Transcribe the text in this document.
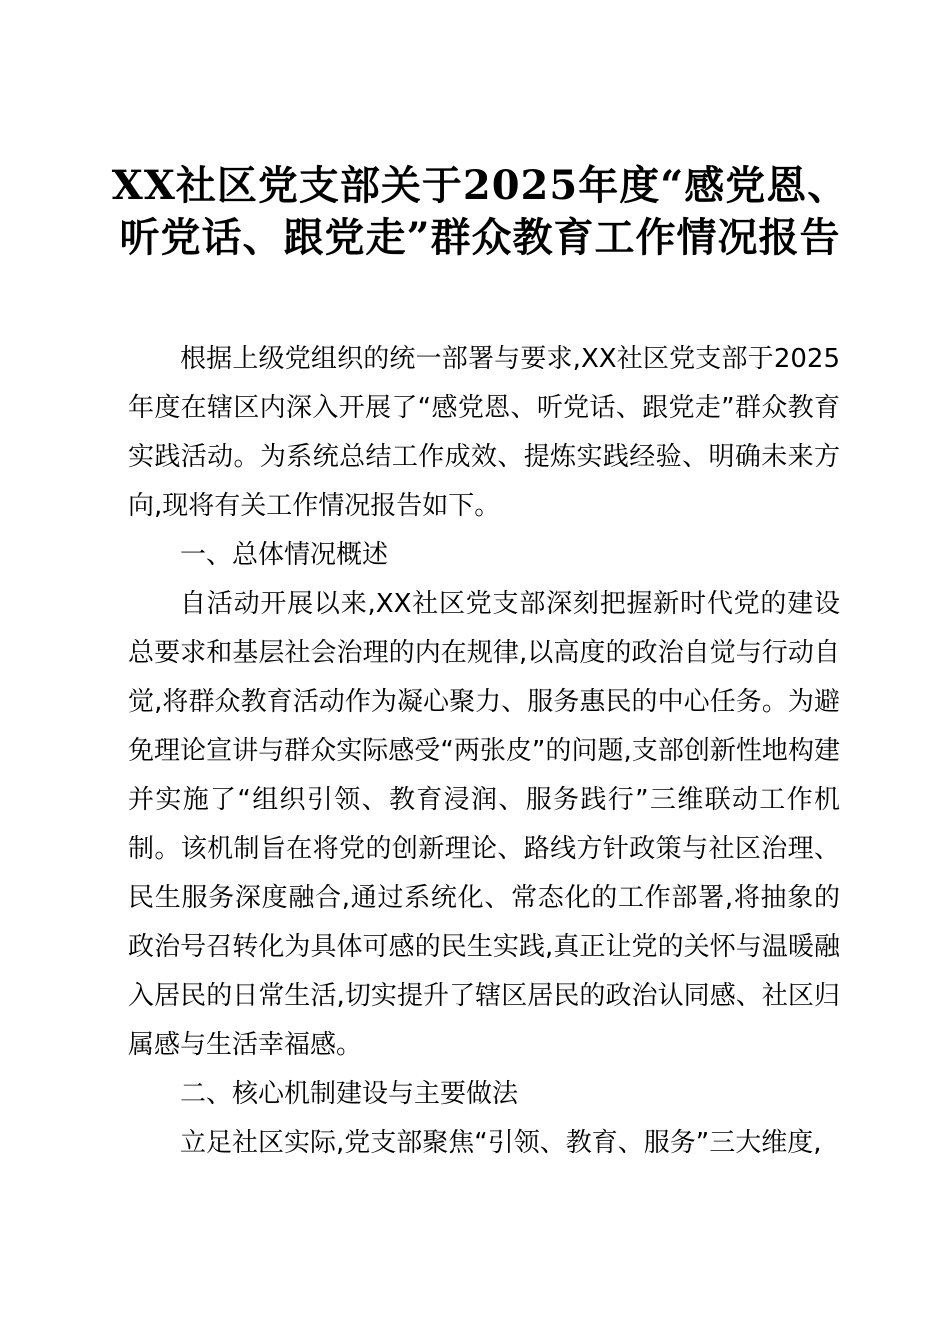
XX社区党支部关于2025年度“感党恩、听党话、跟党走”群众教育工作情况报告

根据上级党组织的统一部署与要求,XX社区党支部于2025年度在辖区内深入开展了“感党恩、听党话、跟党走”群众教育实践活动。为系统总结工作成效、提炼实践经验、明确未来方向,现将有关工作情况报告如下。

一、总体情况概述

自活动开展以来,XX社区党支部深刻把握新时代党的建设总要求和基层社会治理的内在规律,以高度的政治自觉与行动自觉,将群众教育活动作为凝心聚力、服务惠民的中心任务。为避免理论宣讲与群众实际感受“两张皮”的问题,支部创新性地构建并实施了“组织引领、教育浸润、服务践行”三维联动工作机制。该机制旨在将党的创新理论、路线方针政策与社区治理、民生服务深度融合,通过系统化、常态化的工作部署,将抽象的政治号召转化为具体可感的民生实践,真正让党的关怀与温暖融入居民的日常生活,切实提升了辖区居民的政治认同感、社区归属感与生活幸福感。

二、核心机制建设与主要做法

立足社区实际,党支部聚焦“引领、教育、服务”三大维度,
